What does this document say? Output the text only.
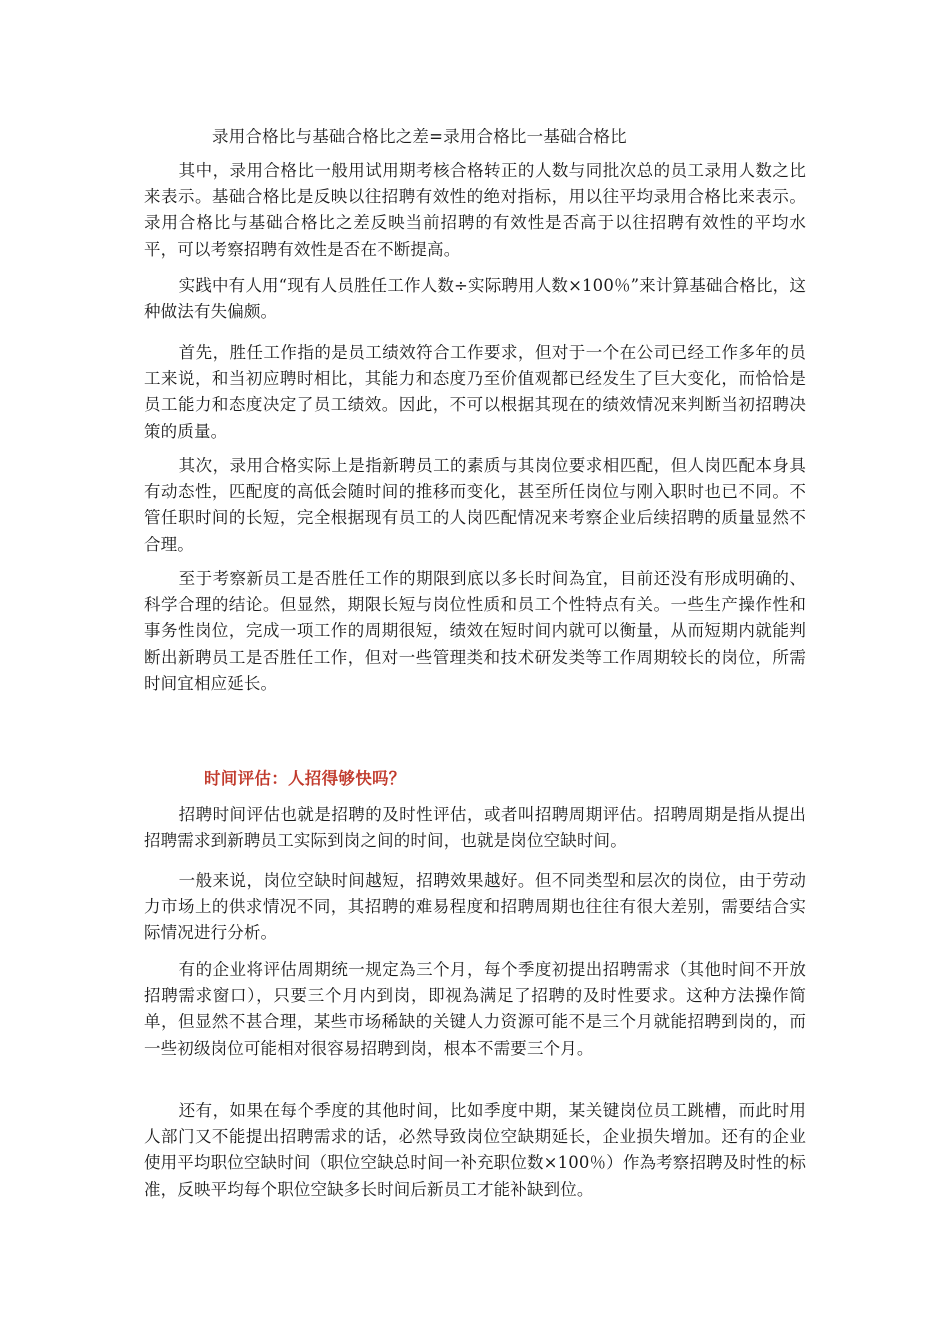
录用合格比与基础合格比之差=录用合格比一基础合格比

其中，录用合格比一般用试用期考核合格转正的人数与同批次总的员工录用人数之比来表示。基础合格比是反映以往招聘有效性的绝对指标，用以往平均录用合格比来表示。录用合格比与基础合格比之差反映当前招聘的有效性是否高于以往招聘有效性的平均水平，可以考察招聘有效性是否在不断提高。

实践中有人用“现有人员胜任工作人数÷实际聘用人数×100％”来计算基础合格比，这种做法有失偏颇。

首先，胜任工作指的是员工绩效符合工作要求，但对于一个在公司已经工作多年的员工来说，和当初应聘时相比，其能力和态度乃至价值观都已经发生了巨大变化，而恰恰是员工能力和态度决定了员工绩效。因此，不可以根据其现在的绩效情况来判断当初招聘决策的质量。

其次，录用合格实际上是指新聘员工的素质与其岗位要求相匹配，但人岗匹配本身具有动态性，匹配度的高低会随时间的推移而变化，甚至所任岗位与刚入职时也已不同。不管任职时间的长短，完全根据现有员工的人岗匹配情况来考察企业后续招聘的质量显然不合理。

至于考察新员工是否胜任工作的期限到底以多长时间為宜，目前还没有形成明确的、科学合理的结论。但显然，期限长短与岗位性质和员工个性特点有关。一些生产操作性和事务性岗位，完成一项工作的周期很短，绩效在短时间内就可以衡量，从而短期内就能判断出新聘员工是否胜任工作，但对一些管理类和技术研发类等工作周期较长的岗位，所需时间宜相应延长。

时间评估：人招得够快吗？

招聘时间评估也就是招聘的及时性评估，或者叫招聘周期评估。招聘周期是指从提出招聘需求到新聘员工实际到岗之间的时间，也就是岗位空缺时间。

一般来说，岗位空缺时间越短，招聘效果越好。但不同类型和层次的岗位，由于劳动力市场上的供求情况不同，其招聘的难易程度和招聘周期也往往有很大差别，需要结合实际情况进行分析。

有的企业将评估周期统一规定為三个月，每个季度初提出招聘需求（其他时间不开放招聘需求窗口），只要三个月内到岗，即视為满足了招聘的及时性要求。这种方法操作简单，但显然不甚合理，某些市场稀缺的关键人力资源可能不是三个月就能招聘到岗的，而一些初级岗位可能相对很容易招聘到岗，根本不需要三个月。

还有，如果在每个季度的其他时间，比如季度中期，某关键岗位员工跳槽，而此时用人部门又不能提出招聘需求的话，必然导致岗位空缺期延长，企业损失增加。还有的企业使用平均职位空缺时间（职位空缺总时间一补充职位数×100％）作為考察招聘及时性的标准，反映平均每个职位空缺多长时间后新员工才能补缺到位。
